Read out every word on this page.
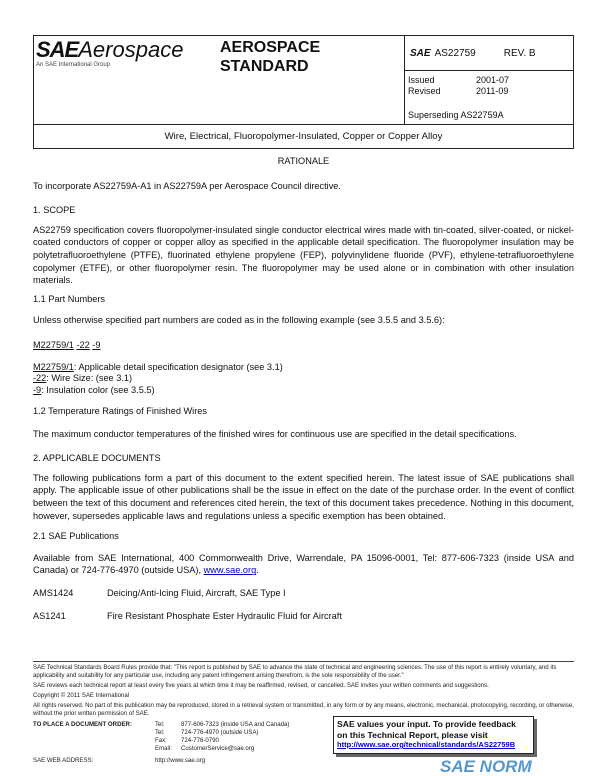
SAEAerospace
An SAE International Group
AEROSPACE
STANDARD
SAE AS22759	REV. B
Issued	2001-07
Revised	2011-09
Superseding AS22759A
Wire, Electrical, Fluoropolymer-Insulated, Copper or Copper Alloy
RATIONALE
To incorporate AS22759A-A1 in AS22759A per Aerospace Council directive.
1. SCOPE
AS22759 specification covers fluoropolymer-insulated single conductor electrical wires made with tin-coated, silver-coated, or nickel-coated conductors of copper or copper alloy as specified in the applicable detail specification. The fluoropolymer insulation may be polytetrafluoroethylene (PTFE), fluorinated ethylene propylene (FEP), polyvinylidene fluoride (PVF), ethylene-tetrafluoroethylene copolymer (ETFE), or other fluoropolymer resin. The fluoropolymer may be used alone or in combination with other insulation materials.
1.1 Part Numbers
Unless otherwise specified part numbers are coded as in the following example (see 3.5.5 and 3.5.6):
M22759/1 -22 -9
M22759/1: Applicable detail specification designator (see 3.1)
-22: Wire Size: (see 3.1)
-9: Insulation color (see 3.5.5)
1.2 Temperature Ratings of Finished Wires
The maximum conductor temperatures of the finished wires for continuous use are specified in the detail specifications.
2. APPLICABLE DOCUMENTS
The following publications form a part of this document to the extent specified herein. The latest issue of SAE publications shall apply. The applicable issue of other publications shall be the issue in effect on the date of the purchase order. In the event of conflict between the text of this document and references cited herein, the text of this document takes precedence. Nothing in this document, however, supersedes applicable laws and regulations unless a specific exemption has been obtained.
2.1 SAE Publications
Available from SAE International, 400 Commonwealth Drive, Warrendale, PA 15096-0001, Tel: 877-606-7323 (inside USA and Canada) or 724-776-4970 (outside USA), www.sae.org.
AMS1424	Deicing/Anti-Icing Fluid, Aircraft, SAE Type I
AS1241	Fire Resistant Phosphate Ester Hydraulic Fluid for Aircraft
SAE Technical Standards Board Rules provide that: "This report is published by SAE to advance the state of technical and engineering sciences. The use of this report is entirely voluntary, and its applicability and suitability for any particular use, including any patent infringement arising therefrom, is the sole responsibility of the user."
SAE reviews each technical report at least every five years at which time it may be reaffirmed, revised, or cancelled. SAE invites your written comments and suggestions.
Copyright © 2011 SAE International
All rights reserved. No part of this publication may be reproduced, stored in a retrieval system or transmitted, in any form or by any means, electronic, mechanical, photocopying, recording, or otherwise, without the prior written permission of SAE.
TO PLACE A DOCUMENT ORDER:	Tel:	877-606-7323 (inside USA and Canada)
Tel:	724-776-4970 (outside USA)
Fax: 724-776-0790
Email: CustomerService@sae.org
SAE WEB ADDRESS:	http://www.sae.org
SAE values your input. To provide feedback
on this Technical Report, please visit
http://www.sae.org/technical/standards/AS22759B
SAE NORM
